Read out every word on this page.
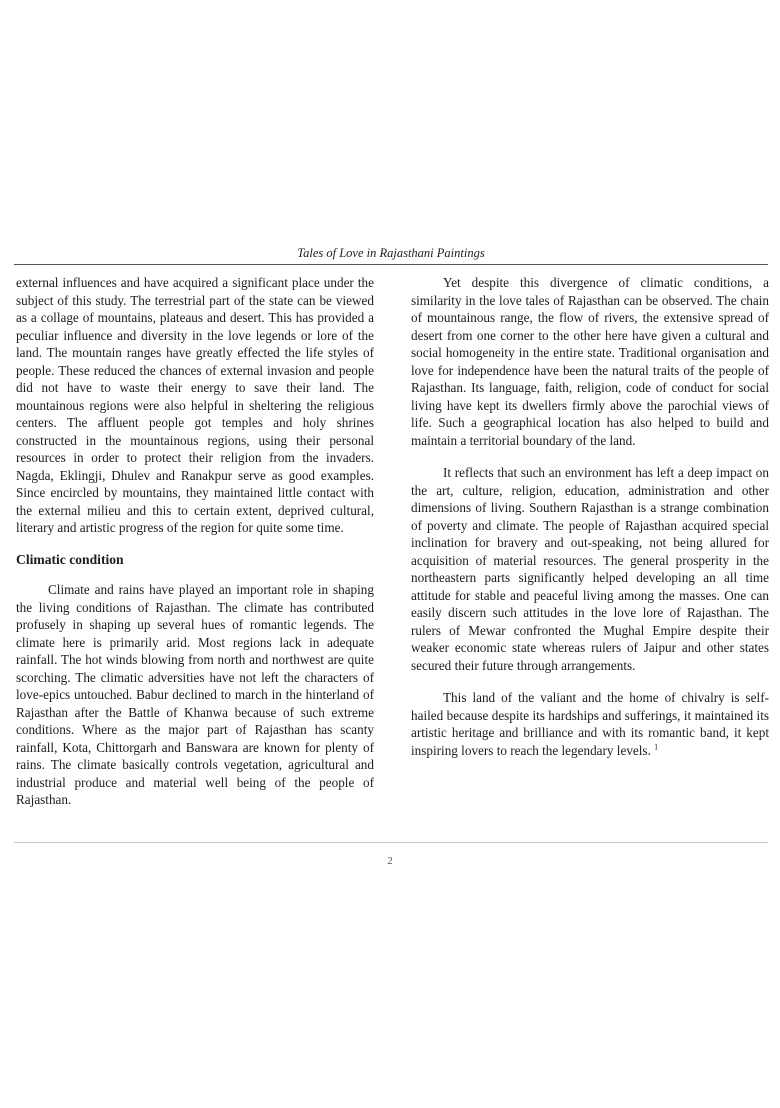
Tales of Love in Rajasthani Paintings

external influences and have acquired a significant place under the subject of this study. The terrestrial part of the state can be viewed as a collage of mountains, plateaus and desert. This has provided a peculiar influence and diversity in the love legends or lore of the land. The mountain ranges have greatly effected the life styles of people. These reduced the chances of external invasion and people did not have to waste their energy to save their land. The mountainous regions were also helpful in sheltering the religious centers. The affluent people got temples and holy shrines constructed in the mountainous regions, using their personal resources in order to protect their religion from the invaders. Nagda, Eklingji, Dhulev and Ranakpur serve as good examples. Since encircled by mountains, they maintained little contact with the external milieu and this to certain extent, deprived cultural, literary and artistic progress of the region for quite some time.

Climatic condition

Climate and rains have played an important role in shaping the living conditions of Rajasthan. The climate has contributed profusely in shaping up several hues of romantic legends. The climate here is primarily arid. Most regions lack in adequate rainfall. The hot winds blowing from north and northwest are quite scorching. The climatic adversities have not left the characters of love-epics untouched. Babur declined to march in the hinterland of Rajasthan after the Battle of Khanwa because of such extreme conditions. Where as the major part of Rajasthan has scanty rainfall, Kota, Chittorgarh and Banswara are known for plenty of rains. The climate basically controls vegetation, agricultural and industrial produce and material well being of the people of Rajasthan.

Yet despite this divergence of climatic conditions, a similarity in the love tales of Rajasthan can be observed. The chain of mountainous range, the flow of rivers, the extensive spread of desert from one corner to the other here have given a cultural and social homogeneity in the entire state. Traditional organisation and love for independence have been the natural traits of the people of Rajasthan. Its language, faith, religion, code of conduct for social living have kept its dwellers firmly above the parochial views of life. Such a geographical location has also helped to build and maintain a territorial boundary of the land.

It reflects that such an environment has left a deep impact on the art, culture, religion, education, administration and other dimensions of living. Southern Rajasthan is a strange combination of poverty and climate. The people of Rajasthan acquired special inclination for bravery and out-speaking, not being allured for acquisition of material resources. The general prosperity in the northeastern parts significantly helped developing an all time attitude for stable and peaceful living among the masses. One can easily discern such attitudes in the love lore of Rajasthan. The rulers of Mewar confronted the Mughal Empire despite their weaker economic state whereas rulers of Jaipur and other states secured their future through arrangements.

This land of the valiant and the home of chivalry is self-hailed because despite its hardships and sufferings, it maintained its artistic heritage and brilliance and with its romantic band, it kept inspiring lovers to reach the legendary levels. $^1$

2
